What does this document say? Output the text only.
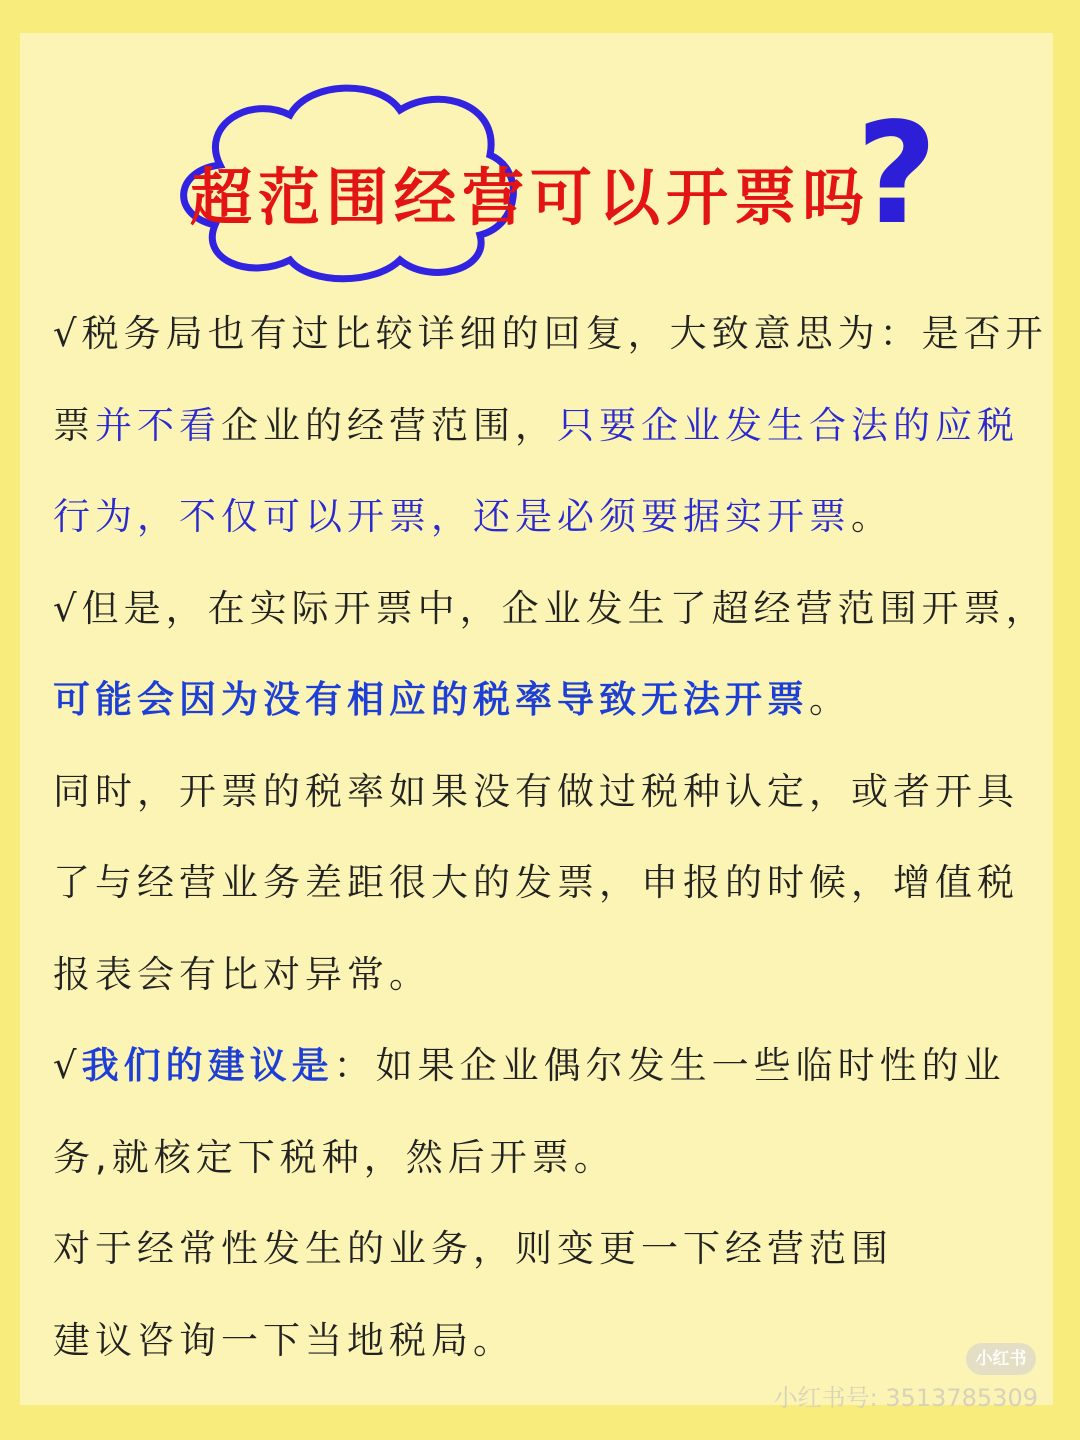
超范围经营可以开票吗
?

√税务局也有过比较详细的回复，大致意思为：是否开票并不看企业的经营范围，只要企业发生合法的应税行为，不仅可以开票，还是必须要据实开票。

√但是，在实际开票中，企业发生了超经营范围开票，可能会因为没有相应的税率导致无法开票。

同时，开票的税率如果没有做过税种认定，或者开具了与经营业务差距很大的发票，申报的时候，增值税报表会有比对异常。

√我们的建议是：如果企业偶尔发生一些临时性的业务,就核定下税种，然后开票。

对于经常性发生的业务，则变更一下经营范围

建议咨询一下当地税局。	小红书
小红书号: 3513785309
